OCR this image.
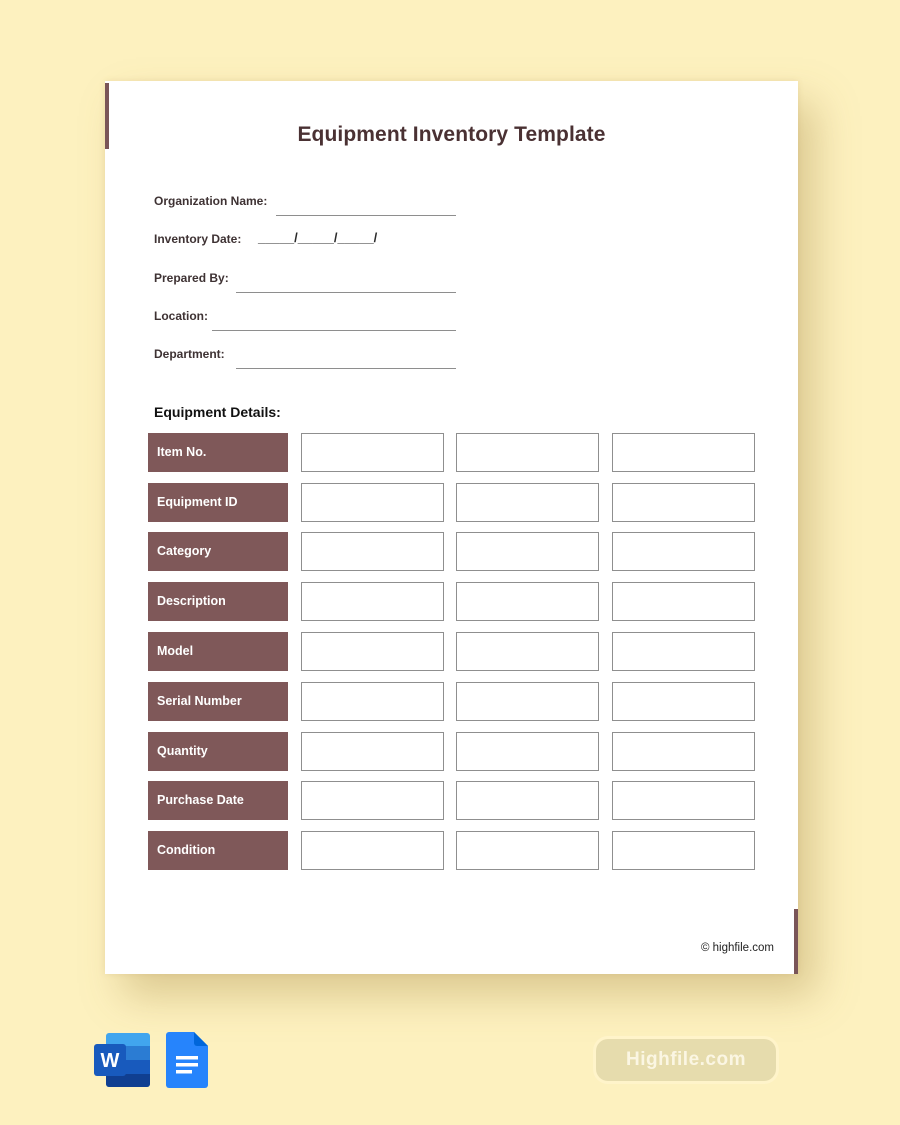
Equipment Inventory Template
Organization Name:
Inventory Date: _____/_____/_____/
Prepared By:
Location:
Department:
Equipment Details:
Item No.
Equipment ID
Category
Description
Model
Serial Number
Quantity
Purchase Date
Condition
© highfile.com
W	Highfile.com
